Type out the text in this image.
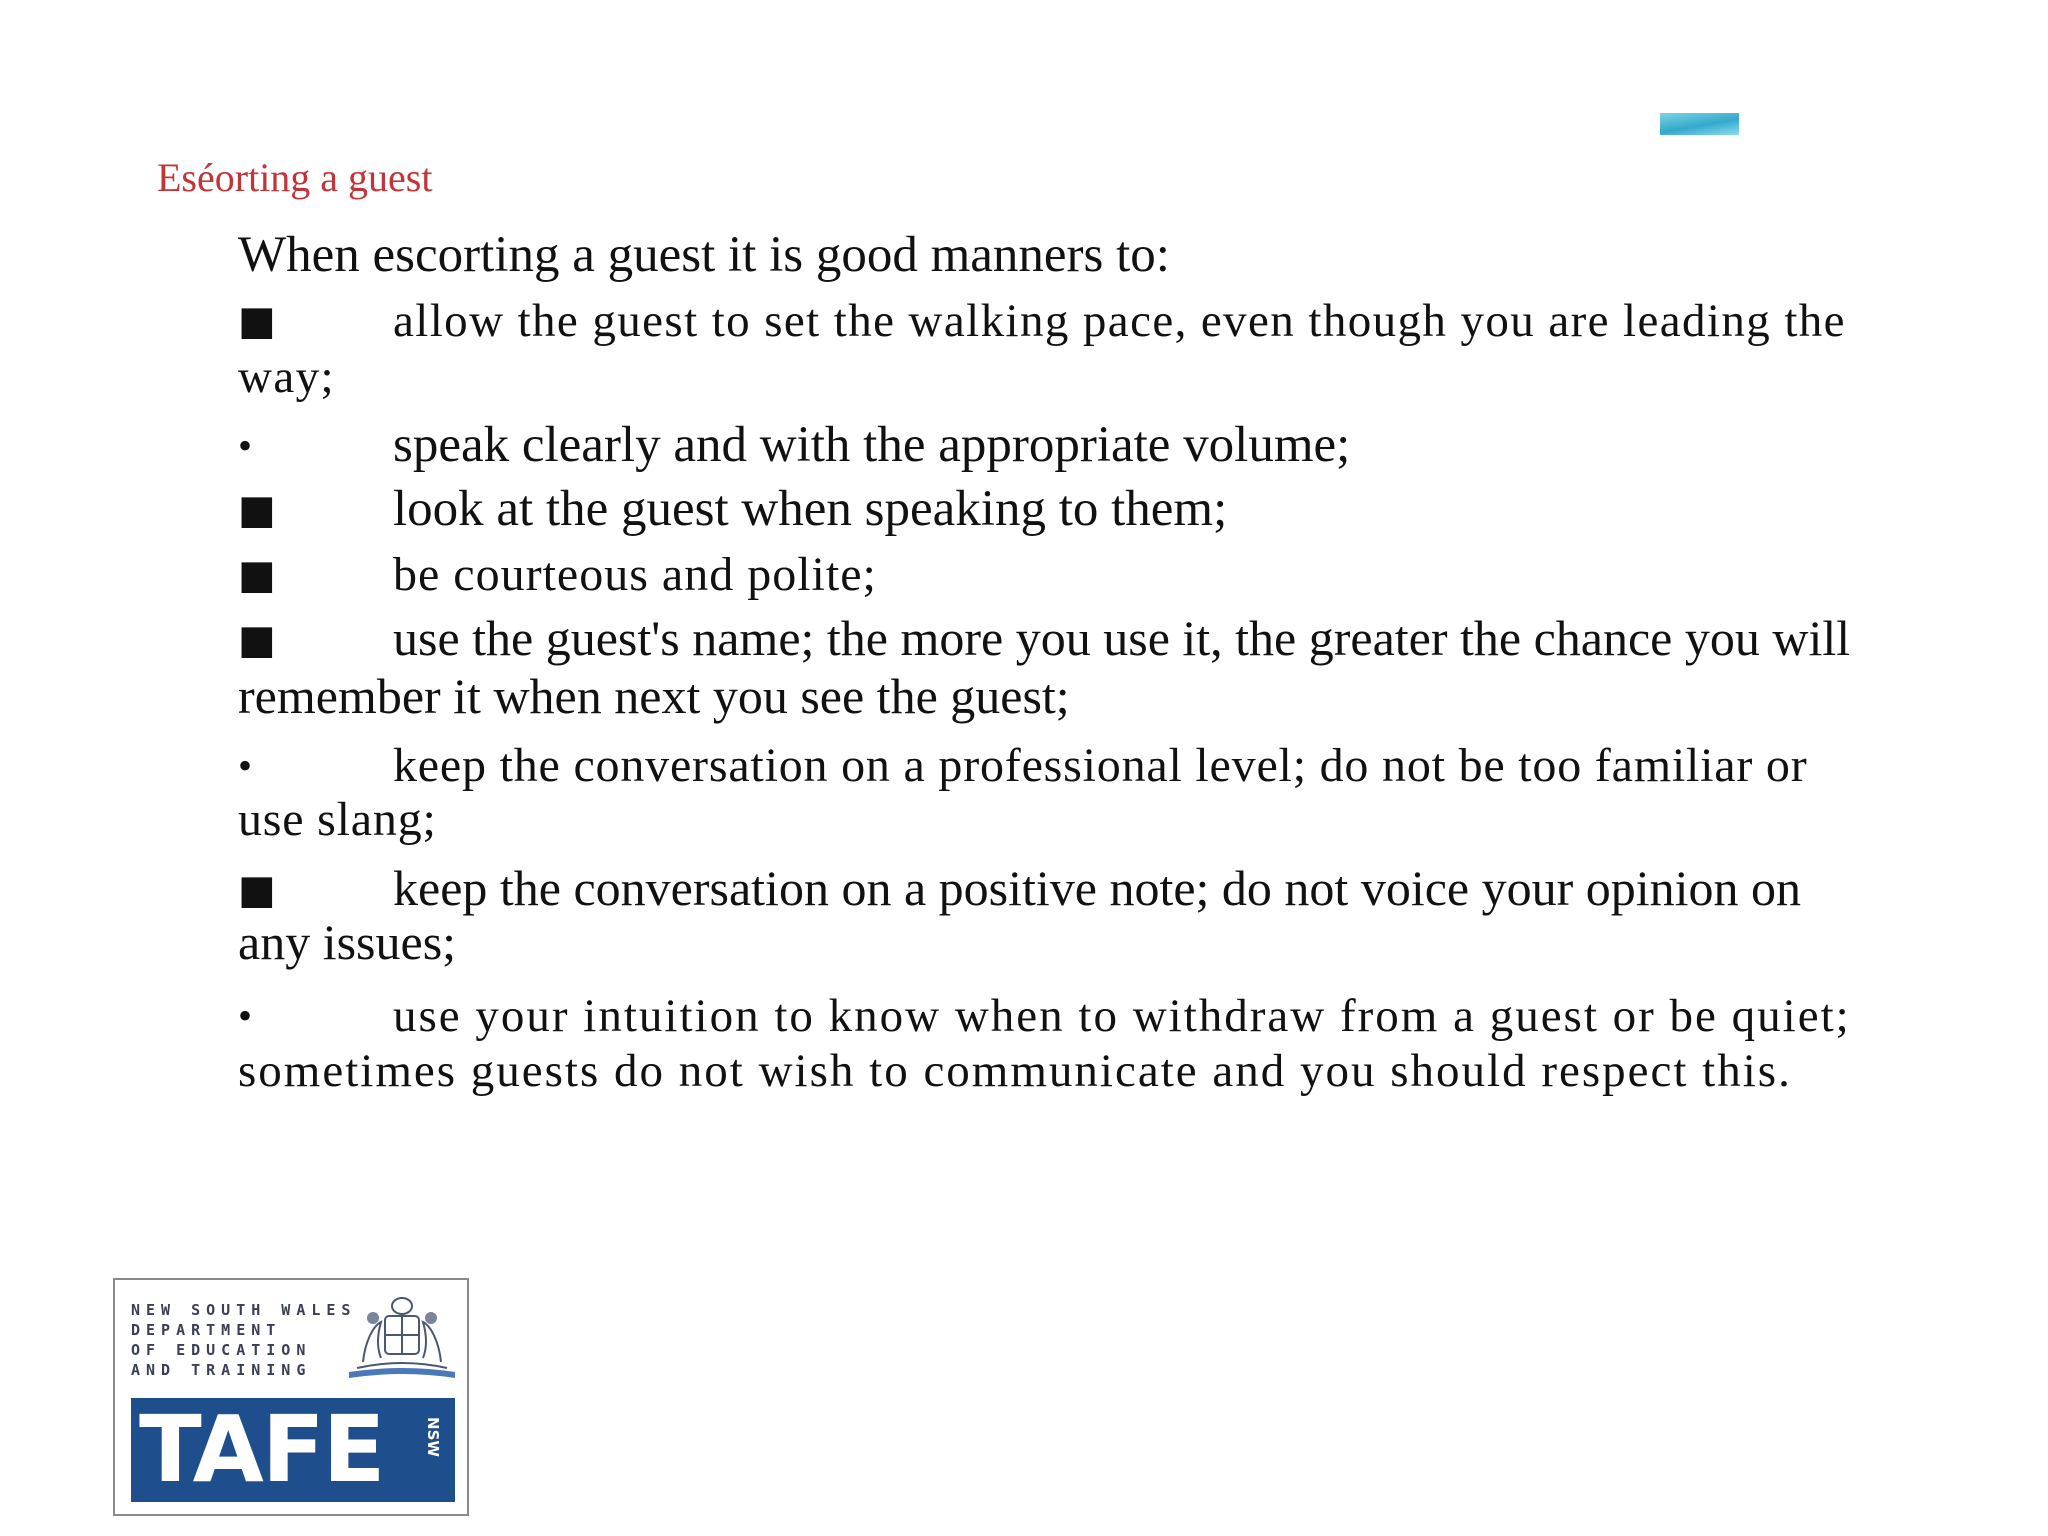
Eséorting a guest

When escorting a guest it is good manners to:

■ allow the guest to set the walking pace, even though you are leading the way;

•	speak clearly and with the appropriate volume;

■ look at the guest when speaking to them;

■ be courteous and polite;

■ use the guest's name; the more you use it, the greater the chance you will remember it when next you see the guest;

•	keep the conversation on a professional level; do not be too familiar or use slang;

■ keep the conversation on a positive note; do not voice your opinion on any issues;

•	use your intuition to know when to withdraw from a guest or be quiet; sometimes guests do not wish to communicate and you should respect this.

NEW SOUTH WALES
DEPARTMENT
OF EDUCATION
AND TRAINING
TAFE	NSW
